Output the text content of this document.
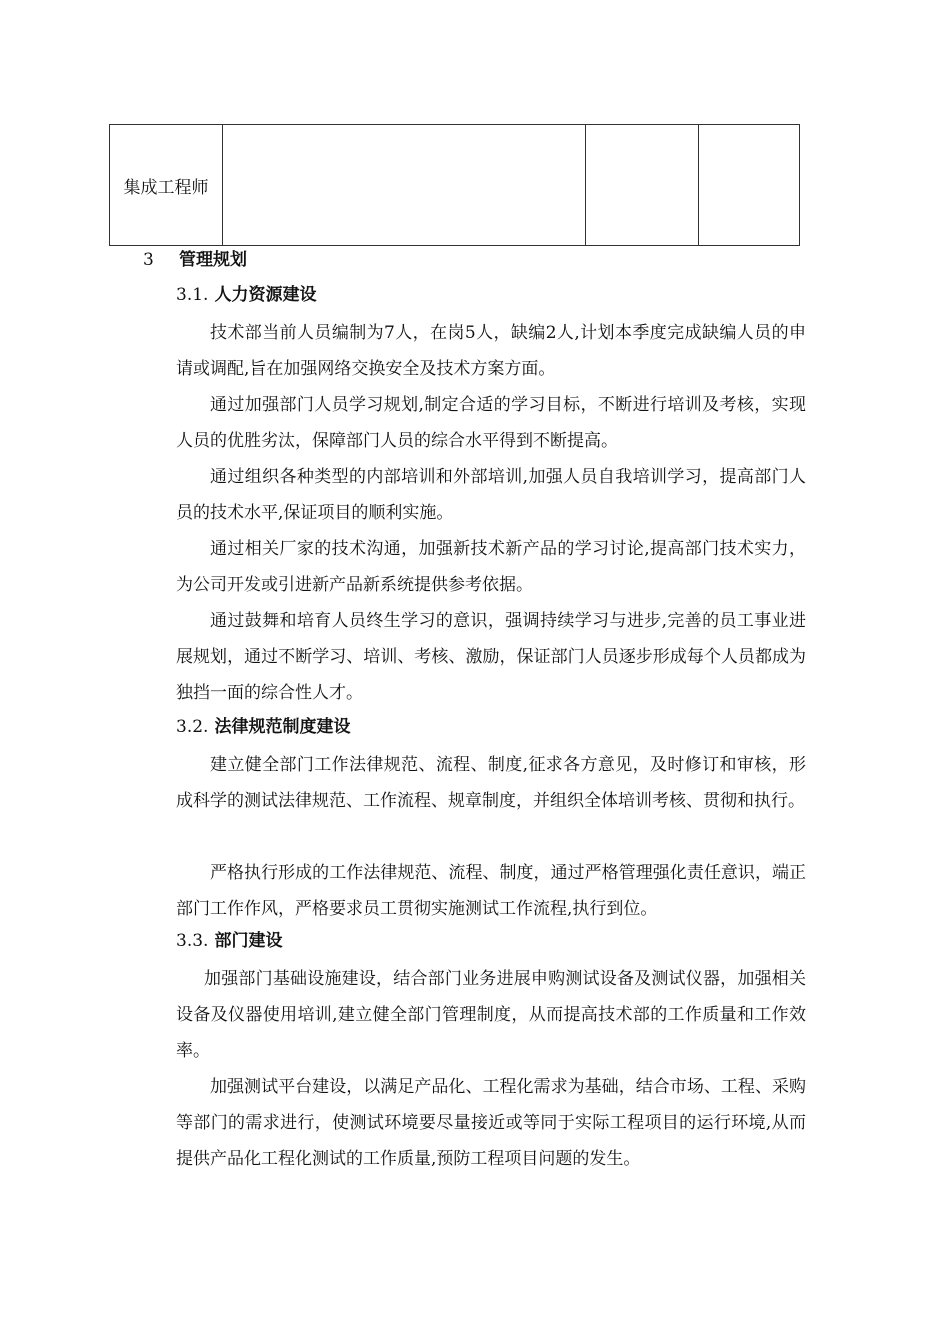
集成工程师
3 管理规划
3.1. 人力资源建设

技术部当前人员编制为7人，在岗5人，缺编2人,计划本季度完成缺编人员的申请或调配,旨在加强网络交换安全及技术方案方面。

通过加强部门人员学习规划,制定合适的学习目标，不断进行培训及考核，实现人员的优胜劣汰，保障部门人员的综合水平得到不断提高。

通过组织各种类型的内部培训和外部培训,加强人员自我培训学习，提高部门人员的技术水平,保证项目的顺利实施。

通过相关厂家的技术沟通，加强新技术新产品的学习讨论,提高部门技术实力，为公司开发或引进新产品新系统提供参考依据。

通过鼓舞和培育人员终生学习的意识，强调持续学习与进步,完善的员工事业进展规划，通过不断学习、培训、考核、激励，保证部门人员逐步形成每个人员都成为独挡一面的综合性人才。

3.2. 法律规范制度建设

建立健全部门工作法律规范、流程、制度,征求各方意见，及时修订和审核，形成科学的测试法律规范、工作流程、规章制度，并组织全体培训考核、贯彻和执行。

严格执行形成的工作法律规范、流程、制度，通过严格管理强化责任意识，端正部门工作作风，严格要求员工贯彻实施测试工作流程,执行到位。

3.3. 部门建设

加强部门基础设施建设，结合部门业务进展申购测试设备及测试仪器，加强相关设备及仪器使用培训,建立健全部门管理制度，从而提高技术部的工作质量和工作效率。

加强测试平台建设，以满足产品化、工程化需求为基础，结合市场、工程、采购等部门的需求进行，使测试环境要尽量接近或等同于实际工程项目的运行环境,从而提供产品化工程化测试的工作质量,预防工程项目问题的发生。
